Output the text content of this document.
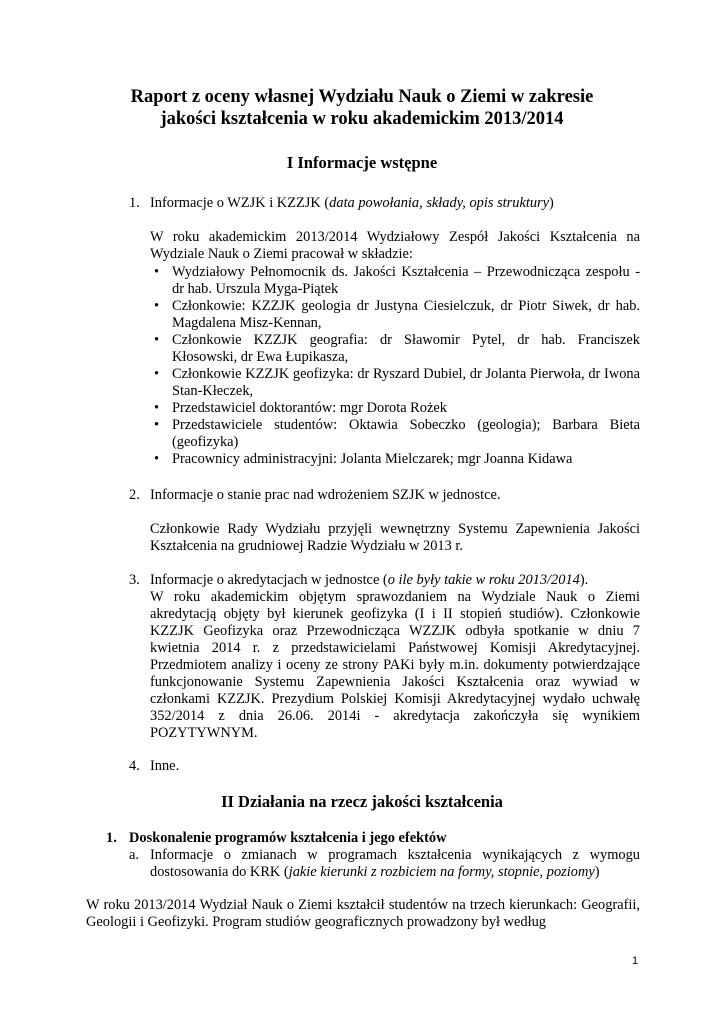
Raport z oceny własnej Wydziału Nauk o Ziemi w zakresie
jakości kształcenia w roku akademickim 2013/2014
I Informacje wstępne
1. Informacje o WZJK i KZZJK (data powołania, składy, opis struktury)
W roku akademickim 2013/2014 Wydziałowy Zespół Jakości Kształcenia na Wydziale Nauk o Ziemi pracował w składzie:
• Wydziałowy Pełnomocnik ds. Jakości Kształcenia – Przewodnicząca zespołu - dr hab. Urszula Myga-Piątek
• Członkowie: KZZJK geologia dr Justyna Ciesielczuk, dr Piotr Siwek, dr hab. Magdalena Misz-Kennan,
• Członkowie KZZJK geografia: dr Sławomir Pytel, dr hab. Franciszek Kłosowski, dr Ewa Łupikasza,
• Członkowie KZZJK geofizyka: dr Ryszard Dubiel, dr Jolanta Pierwoła, dr Iwona Stan-Kłeczek,
• Przedstawiciel doktorantów: mgr Dorota Rożek
• Przedstawiciele studentów: Oktawia Sobeczko (geologia); Barbara Bieta (geofizyka)
• Pracownicy administracyjni: Jolanta Mielczarek; mgr Joanna Kidawa
2. Informacje o stanie prac nad wdrożeniem SZJK w jednostce.
Członkowie Rady Wydziału przyjęli wewnętrzny Systemu Zapewnienia Jakości Kształcenia na grudniowej Radzie Wydziału w 2013 r.
3. Informacje o akredytacjach w jednostce (o ile były takie w roku 2013/2014).
W roku akademickim objętym sprawozdaniem na Wydziale Nauk o Ziemi akredytacją objęty był kierunek geofizyka (I i II stopień studiów). Członkowie KZZJK Geofizyka oraz Przewodnicząca WZZJK odbyła spotkanie w dniu 7 kwietnia 2014 r. z przedstawicielami Państwowej Komisji Akredytacyjnej. Przedmiotem analizy i oceny ze strony PAKi były m.in. dokumenty potwierdzające funkcjonowanie Systemu Zapewnienia Jakości Kształcenia oraz wywiad w członkami KZZJK. Prezydium Polskiej Komisji Akredytacyjnej wydało uchwałę 352/2014 z dnia 26.06. 2014i - akredytacja zakończyła się wynikiem POZYTYWNYM.
4. Inne.
II Działania na rzecz jakości kształcenia
1. Doskonalenie programów kształcenia i jego efektów
a. Informacje o zmianach w programach kształcenia wynikających z wymogu dostosowania do KRK (jakie kierunki z rozbiciem na formy, stopnie, poziomy)
W roku 2013/2014 Wydział Nauk o Ziemi kształcił studentów na trzech kierunkach: Geografii, Geologii i Geofizyki. Program studiów geograficznych prowadzony był według
1
